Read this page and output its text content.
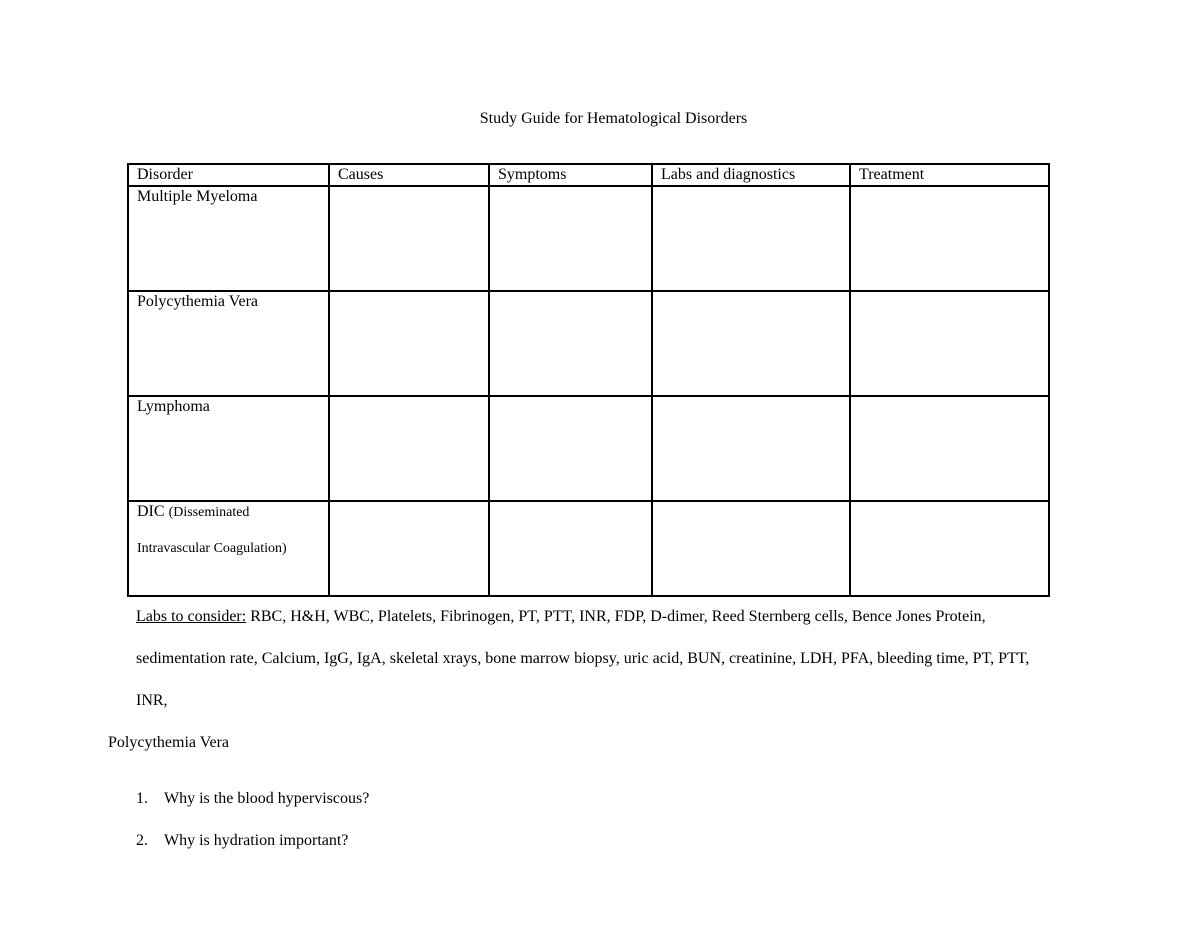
Study Guide for Hematological Disorders
Disorder	Causes	Symptoms	Labs and diagnostics	Treatment
Multiple Myeloma				
Polycythemia Vera				
Lymphoma				
DIC (Disseminated
Intravascular Coagulation)				

Labs to consider: RBC, H&H, WBC, Platelets, Fibrinogen, PT, PTT, INR, FDP, D-dimer, Reed Sternberg cells, Bence Jones Protein, sedimentation rate, Calcium, IgG, IgA, skeletal xrays, bone marrow biopsy, uric acid, BUN, creatinine, LDH, PFA, bleeding time, PT, PTT, INR,
Polycythemia Vera
1. Why is the blood hyperviscous?
2. Why is hydration important?
